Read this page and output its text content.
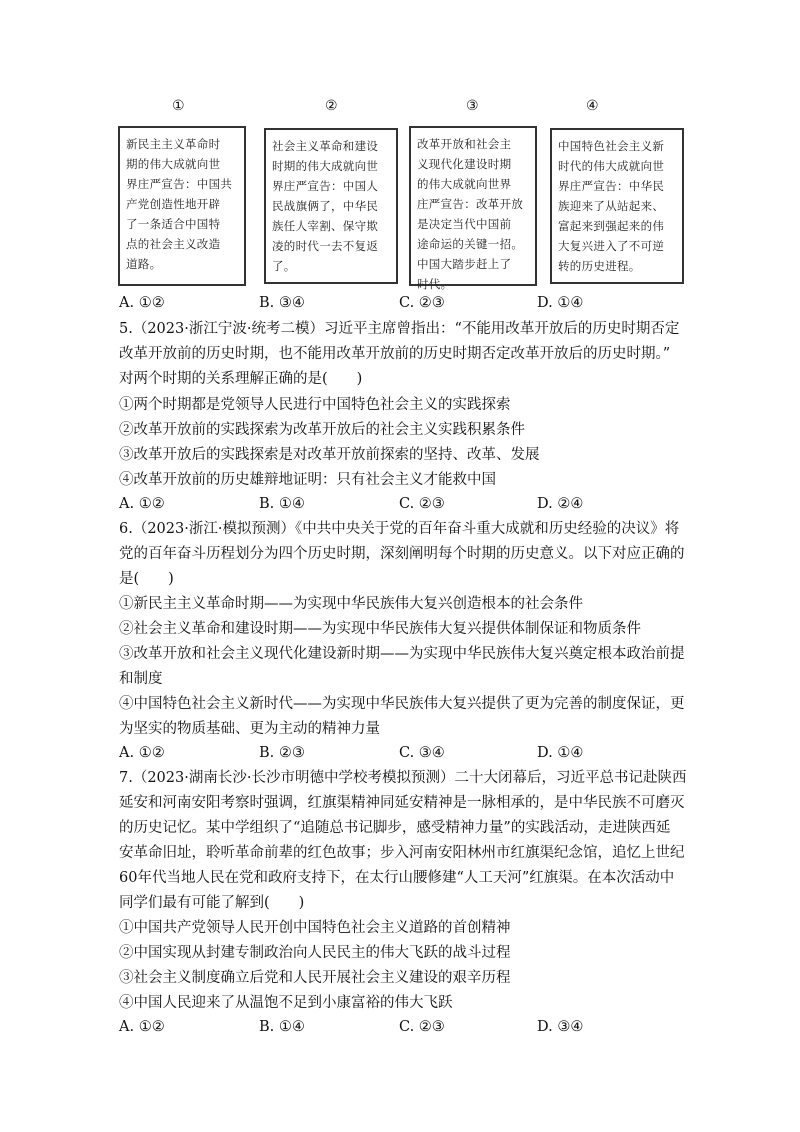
①	②	③	④
新民主主义革命时
期的伟大成就向世
界庄严宣告：中国共
产党创造性地开辟
了一条适合中国特
点的社会主义改造
道路。
社会主义革命和建设
时期的伟大成就向世
界庄严宣告：中国人
民战旗俩了，中华民
族任人宰割、保守欺
凌的时代一去不复返
了。
改革开放和社会主
义现代化建设时期
的伟大成就向世界
庄严宣告：改革开放
是决定当代中国前
途命运的关键一招。
中国大踏步赶上了
时代。
中国特色社会主义新
时代的伟大成就向世
界庄严宣告：中华民
族迎来了从站起来、
富起来到强起来的伟
大复兴进入了不可逆
转的历史进程。
A. ①②	B. ③④	C. ②③	D. ①④
5.（2023·浙江宁波·统考二模）习近平主席曾指出：“不能用改革开放后的历史时期否定
改革开放前的历史时期，也不能用改革开放前的历史时期否定改革开放后的历史时期。”
对两个时期的关系理解正确的是(　　)
①两个时期都是党领导人民进行中国特色社会主义的实践探索
②改革开放前的实践探索为改革开放后的社会主义实践积累条件
③改革开放后的实践探索是对改革开放前探索的坚持、改革、发展
④改革开放前的历史雄辩地证明：只有社会主义才能救中国
A. ①②	B. ①④	C. ②③	D. ②④
6.（2023·浙江·模拟预测）《中共中央关于党的百年奋斗重大成就和历史经验的决议》将
党的百年奋斗历程划分为四个历史时期，深刻阐明每个时期的历史意义。以下对应正确的
是(　　)
①新民主主义革命时期——为实现中华民族伟大复兴创造根本的社会条件
②社会主义革命和建设时期——为实现中华民族伟大复兴提供体制保证和物质条件
③改革开放和社会主义现代化建设新时期——为实现中华民族伟大复兴奠定根本政治前提
和制度
④中国特色社会主义新时代——为实现中华民族伟大复兴提供了更为完善的制度保证，更
为坚实的物质基础、更为主动的精神力量
A. ①②	B. ②③	C. ③④	D. ①④
7.（2023·湖南长沙·长沙市明德中学校考模拟预测）二十大闭幕后，习近平总书记赴陕西
延安和河南安阳考察时强调，红旗渠精神同延安精神是一脉相承的，是中华民族不可磨灭
的历史记忆。某中学组织了“追随总书记脚步，感受精神力量”的实践活动，走进陕西延
安革命旧址，聆听革命前辈的红色故事；步入河南安阳林州市红旗渠纪念馆，追忆上世纪
60年代当地人民在党和政府支持下，在太行山腰修建“人工天河”红旗渠。在本次活动中
同学们最有可能了解到(　　)
①中国共产党领导人民开创中国特色社会主义道路的首创精神
②中国实现从封建专制政治向人民民主的伟大飞跃的战斗过程
③社会主义制度确立后党和人民开展社会主义建设的艰辛历程
④中国人民迎来了从温饱不足到小康富裕的伟大飞跃
A. ①②	B. ①④	C. ②③	D. ③④
